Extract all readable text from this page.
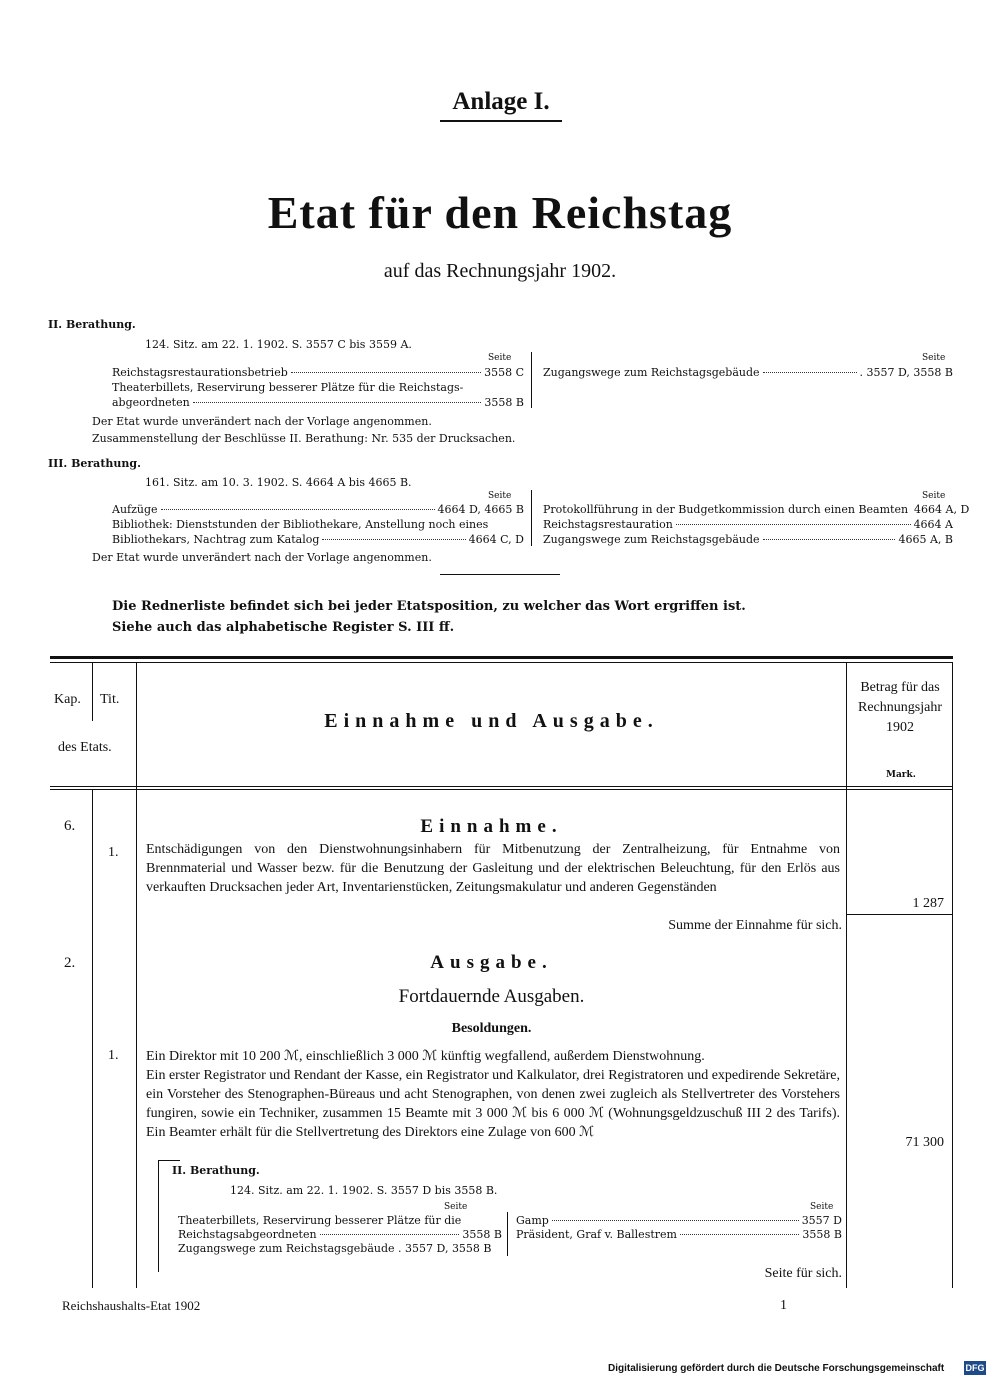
Anlage I.
Etat für den Reichstag
auf das Rechnungsjahr 1902.
II. Berathung.
124. Sitz. am 22. 1. 1902. S. 3557 C bis 3559 A.
Seite	Seite
Reichstagsrestaurationsbetrieb	3558 C
Theaterbillets, Reservirung besserer Plätze für die Reichstags-
abgeordneten	3558 B
Zugangswege zum Reichstagsgebäude	. 3557 D, 3558 B
Der Etat wurde unverändert nach der Vorlage angenommen.
Zusammenstellung der Beschlüsse II. Berathung: Nr. 535 der Drucksachen.
III. Berathung.
161. Sitz. am 10. 3. 1902. S. 4664 A bis 4665 B.
Seite	Seite
Aufzüge	4664 D, 4665 B
Bibliothek: Dienststunden der Bibliothekare, Anstellung noch eines
Bibliothekars, Nachtrag zum Katalog	4664 C, D
Protokollführung in der Budgetkommission durch einen Beamten 4664 A, D
Reichstagsrestauration	4664 A
Zugangswege zum Reichstagsgebäude	4665 A, B
Der Etat wurde unverändert nach der Vorlage angenommen.
Die Rednerliste befindet sich bei jeder Etatsposition, zu welcher das Wort ergriffen ist.
Siehe auch das alphabetische Register S. III ff.
Kap. Tit.
des Etats.
Einnahme und Ausgabe.
Betrag für das Rechnungsjahr 1902
Mark.
6.	Einnahme.
1. Entschädigungen von den Dienstwohnungsinhabern für Mitbenutzung der Zentralheizung, für Entnahme von Brennmaterial und Wasser bezw. für die Benutzung der Gasleitung und der elektrischen Beleuchtung, für den Erlös aus verkauften Drucksachen jeder Art, Inventarienstücken, Zeitungsmakulatur und anderen Gegenständen
1 287
Summe der Einnahme für sich.
2.	Ausgabe.
Fortdauernde Ausgaben.
Besoldungen.
1. Ein Direktor mit 10 200 ℳ, einschließlich 3 000 ℳ künftig wegfallend, außerdem Dienstwohnung.
Ein erster Registrator und Rendant der Kasse, ein Registrator und Kalkulator, drei Registratoren und expedirende Sekretäre, ein Vorsteher des Stenographen-Büreaus und acht Stenographen, von denen zwei zugleich als Stellvertreter des Vorstehers fungiren, sowie ein Techniker, zusammen 15 Beamte mit 3 000 ℳ bis 6 000 ℳ (Wohnungsgeldzuschuß III 2 des Tarifs). Ein Beamter erhält für die Stellvertretung des Direktors eine Zulage von 600 ℳ
71 300
II. Berathung.
124. Sitz. am 22. 1. 1902. S. 3557 D bis 3558 B.
Seite	Seite
Theaterbillets, Reservirung besserer Plätze für die
Reichstagsabgeordneten	3558 B
Zugangswege zum Reichstagsgebäude . 3557 D,
3558 B
Gamp	3557 D
Präsident, Graf v. Ballestrem	3558 B
Seite für sich.
Reichshaushalts-Etat 1902	1
Digitalisierung gefördert durch die Deutsche Forschungsgemeinschaft DFG
